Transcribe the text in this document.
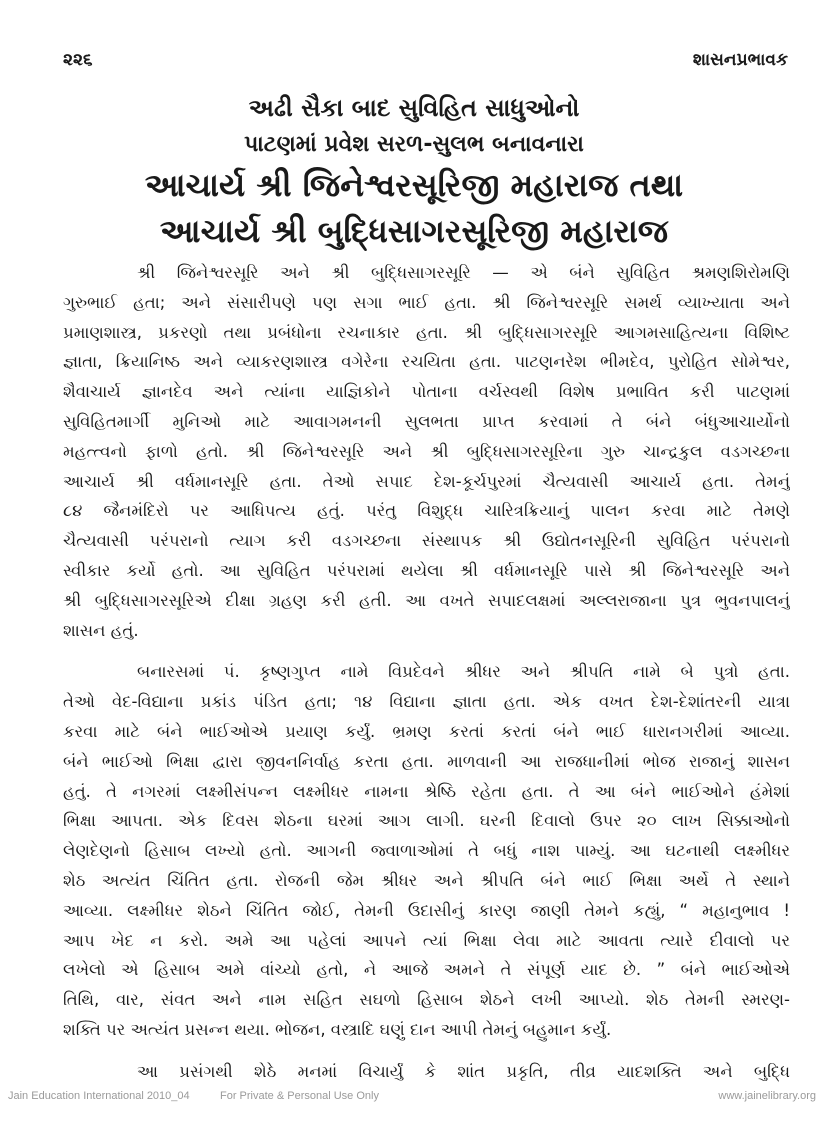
૨૨૬	શાસનપ્રભાવક
અઢી સૈકા બાદ સુવિહિત સાધુઓનો
પાટણમાં પ્રવેશ સરળ-સુલભ બનાવનારા
આચાર્ય શ્રી જિનેશ્વરસૂરિજી મહારાજ તથા
આચાર્ય શ્રી બુદ્ધિસાગરસૂરિજી મહારાજ

શ્રી જિનેશ્વરસૂરિ અને શ્રી બુદ્ધિસાગરસૂરિ — એ બંને સુવિહિત શ્રમણશિરોમણિ
ગુરુભાઈ હતા; અને સંસારીપણે પણ સગા ભાઈ હતા. શ્રી જિનેશ્વરસૂરિ સમર્થ વ્યાખ્યાતા અને
પ્રમાણશાસ્ત્ર, પ્રકરણો તથા પ્રબંધોના રચનાકાર હતા. શ્રી બુદ્ધિસાગરસૂરિ આગમસાહિત્યના વિશિષ્ટ
જ્ઞાતા, ક્રિયાનિષ્ઠ અને વ્યાકરણશાસ્ત્ર વગેરેના રચયિતા હતા. પાટણનરેશ ભીમદેવ, પુરોહિત સોમેશ્વર,
શૈવાચાર્ય જ્ઞાનદેવ અને ત્યાંના યાજ્ઞિકોને પોતાના વર્ચસ્વથી વિશેષ પ્રભાવિત કરી પાટણમાં
સુવિહિતમાર્ગી મુનિઓ માટે આવાગમનની સુલભતા પ્રાપ્ત કરવામાં તે બંને બંધુઆચાર્યોનો
મહત્ત્વનો ફાળો હતો. શ્રી જિનેશ્વરસૂરિ અને શ્રી બુદ્ધિસાગરસૂરિના ગુરુ ચાન્દ્રકુલ વડગચ્છના
આચાર્ય શ્રી વર્ધમાનસૂરિ હતા. તેઓ સપાદ દેશ-કૂર્ચપુરમાં ચૈત્યવાસી આચાર્ય હતા. તેમનું
૮૪ જૈનમંદિરો પર આધિપત્ય હતું. પરંતુ વિશુદ્ધ ચારિત્રક્રિયાનું પાલન કરવા માટે તેમણે
ચૈત્યવાસી પરંપરાનો ત્યાગ કરી વડગચ્છના સંસ્થાપક શ્રી ઉદ્યોતનસૂરિની સુવિહિત પરંપરાનો
સ્વીકાર કર્યો હતો. આ સુવિહિત પરંપરામાં થયેલા શ્રી વર્ધમાનસૂરિ પાસે શ્રી જિનેશ્વરસૂરિ અને
શ્રી બુદ્ધિસાગરસૂરિએ દીક્ષા ગ્રહણ કરી હતી. આ વખતે સપાદલક્ષમાં અલ્લરાજાના પુત્ર ભુવનપાલનું
શાસન હતું.

બનારસમાં પં. કૃષ્ણગુપ્ત નામે વિપ્રદેવને શ્રીધર અને શ્રીપતિ નામે બે પુત્રો હતા.
તેઓ વેદ-વિદ્યાના પ્રકાંડ પંડિત હતા; ૧૪ વિદ્યાના જ્ઞાતા હતા. એક વખત દેશ-દેશાંતરની યાત્રા
કરવા માટે બંને ભાઈઓએ પ્રયાણ કર્યું. ભ્રમણ કરતાં કરતાં બંને ભાઈ ધારાનગરીમાં આવ્યા.
બંને ભાઈઓ ભિક્ષા દ્વારા જીવનનિર્વાહ કરતા હતા. માળવાની આ રાજધાનીમાં ભોજ રાજાનું શાસન
હતું. તે નગરમાં લક્ષ્મીસંપન્ન લક્ષ્મીધર નામના શ્રેષ્ઠિ રહેતા હતા. તે આ બંને ભાઈઓને હંમેશાં
ભિક્ષા આપતા. એક દિવસ શેઠના ઘરમાં આગ લાગી. ઘરની દિવાલો ઉપર ૨૦ લાખ સિક્કાઓનો
લેણદેણનો હિસાબ લખ્યો હતો. આગની જ્વાળાઓમાં તે બધું નાશ પામ્યું. આ ઘટનાથી લક્ષ્મીધર
શેઠ અત્યંત ચિંતિત હતા. રોજની જેમ શ્રીધર અને શ્રીપતિ બંને ભાઈ ભિક્ષા અર્થે તે સ્થાને
આવ્યા. લક્ષ્મીધર શેઠને ચિંતિત જોઈ, તેમની ઉદાસીનું કારણ જાણી તેમને કહ્યું, “ મહાનુભાવ !
આપ ખેદ ન કરો. અમે આ પહેલાં આપને ત્યાં ભિક્ષા લેવા માટે આવતા ત્યારે દીવાલો પર
લખેલો એ હિસાબ અમે વાંચ્યો હતો, ને આજે અમને તે સંપૂર્ણ યાદ છે. ” બંને ભાઈઓએ
તિથિ, વાર, સંવત અને નામ સહિત સઘળો હિસાબ શેઠને લખી આપ્યો. શેઠ તેમની સ્મરણ-
શક્તિ પર અત્યંત પ્રસન્ન થયા. ભોજન, વસ્ત્રાદિ ઘણું દાન આપી તેમનું બહુમાન કર્યું.

આ પ્રસંગથી શેઠે મનમાં વિચાર્યું કે શાંત પ્રકૃતિ, તીવ્ર યાદશક્તિ અને બુદ્ધિ

Jain Education International 2010_04	For Private & Personal Use Only	www.jainelibrary.org
